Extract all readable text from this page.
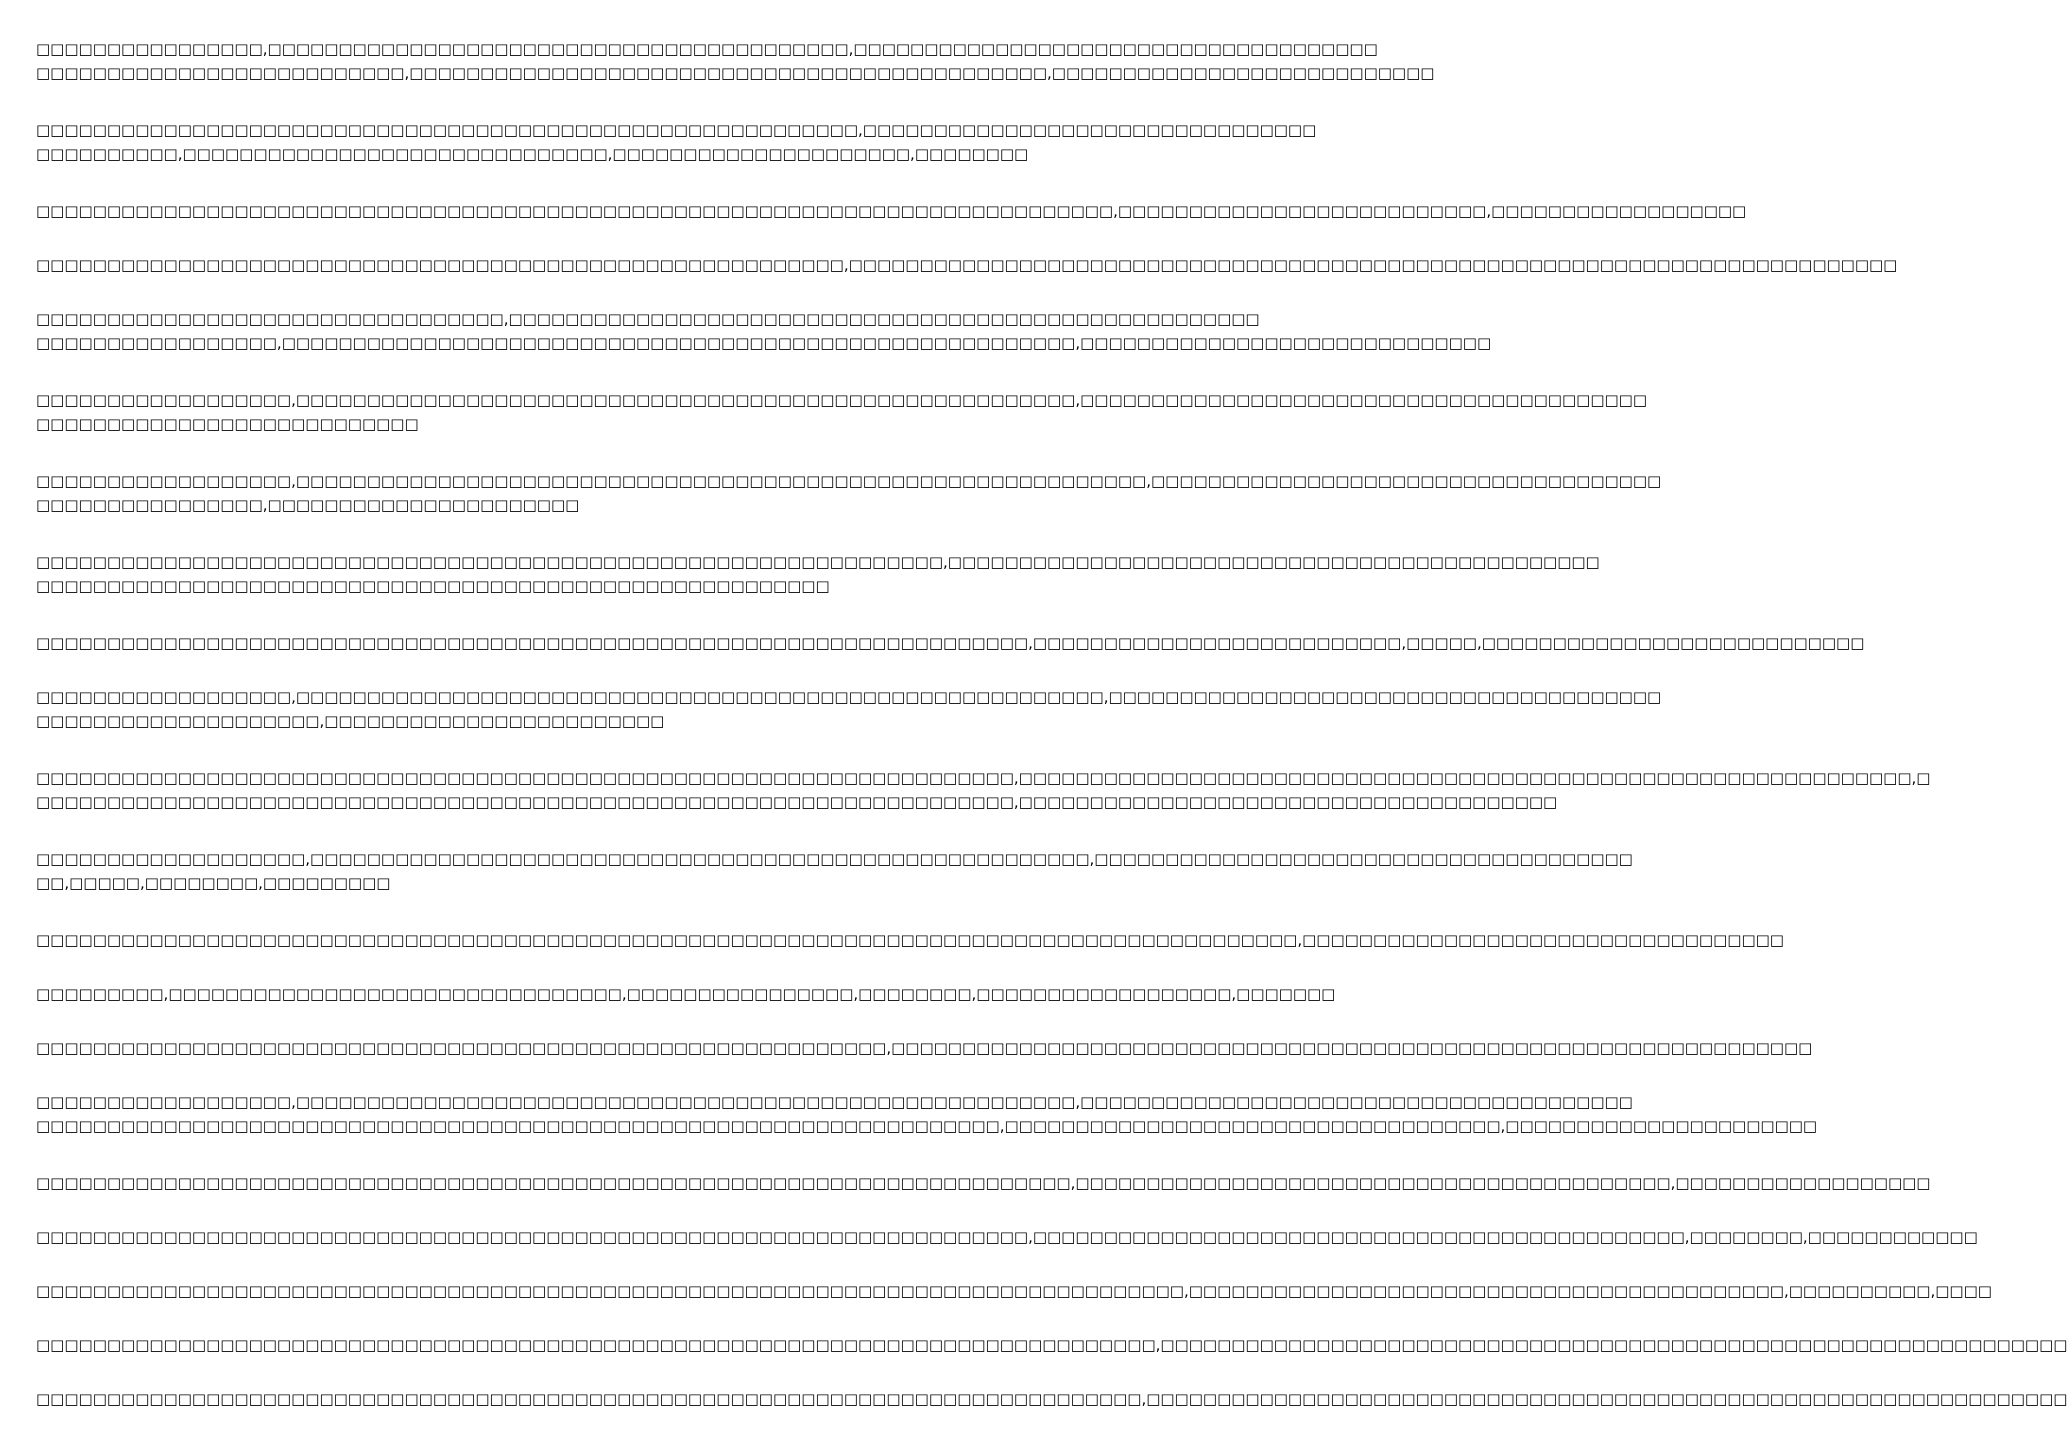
□□□□□□□□□□□□□□□□,□□□□□□□□□□□□□□□□□□□□□□□□□□□□□□□□□□□□□□□□□,□□□□□□□□□□□□□□□□□□□□□□□□□□□□□□□□□□□□□
□□□□□□□□□□□□□□□□□□□□□□□□□□,□□□□□□□□□□□□□□□□□□□□□□□□□□□□□□□□□□□□□□□□□□□□□,□□□□□□□□□□□□□□□□□□□□□□□□□□□
□□□□□□□□□□□□□□□□□□□□□□□□□□□□□□□□□□□□□□□□□□□□□□□□□□□□□□□□□□,□□□□□□□□□□□□□□□□□□□□□□□□□□□□□□□□
□□□□□□□□□□,□□□□□□□□□□□□□□□□□□□□□□□□□□□□□□,□□□□□□□□□□□□□□□□□□□□□,□□□□□□□□
□□□□□□□□□□□□□□□□□□□□□□□□□□□□□□□□□□□□□□□□□□□□□□□□□□□□□□□□□□□□□□□□□□□□□□□□□□□□,□□□□□□□□□□□□□□□□□□□□□□□□□□,□□□□□□□□□□□□□□□□□□
□□□□□□□□□□□□□□□□□□□□□□□□□□□□□□□□□□□□□□□□□□□□□□□□□□□□□□□□□,□□□□□□□□□□□□□□□□□□□□□□□□□□□□□□□□□□□□□□□□□□□□□□□□□□□□□□□□□□□□□□□□□□□□□□□□□□
□□□□□□□□□□□□□□□□□□□□□□□□□□□□□□□□□,□□□□□□□□□□□□□□□□□□□□□□□□□□□□□□□□□□□□□□□□□□□□□□□□□□□□□
□□□□□□□□□□□□□□□□□,□□□□□□□□□□□□□□□□□□□□□□□□□□□□□□□□□□□□□□□□□□□□□□□□□□□□□□□□,□□□□□□□□□□□□□□□□□□□□□□□□□□□□□
□□□□□□□□□□□□□□□□□□,□□□□□□□□□□□□□□□□□□□□□□□□□□□□□□□□□□□□□□□□□□□□□□□□□□□□□□□,□□□□□□□□□□□□□□□□□□□□□□□□□□□□□□□□□□□□□□□□
□□□□□□□□□□□□□□□□□□□□□□□□□□□
□□□□□□□□□□□□□□□□□□,□□□□□□□□□□□□□□□□□□□□□□□□□□□□□□□□□□□□□□□□□□□□□□□□□□□□□□□□□□□□,□□□□□□□□□□□□□□□□□□□□□□□□□□□□□□□□□□□□
□□□□□□□□□□□□□□□□,□□□□□□□□□□□□□□□□□□□□□□
□□□□□□□□□□□□□□□□□□□□□□□□□□□□□□□□□□□□□□□□□□□□□□□□□□□□□□□□□□□□□□□□,□□□□□□□□□□□□□□□□□□□□□□□□□□□□□□□□□□□□□□□□□□□□□□
□□□□□□□□□□□□□□□□□□□□□□□□□□□□□□□□□□□□□□□□□□□□□□□□□□□□□□□□
□□□□□□□□□□□□□□□□□□□□□□□□□□□□□□□□□□□□□□□□□□□□□□□□□□□□□□□□□□□□□□□□□□□□□□,□□□□□□□□□□□□□□□□□□□□□□□□□□,□□□□□,□□□□□□□□□□□□□□□□□□□□□□□□□□□
□□□□□□□□□□□□□□□□□□,□□□□□□□□□□□□□□□□□□□□□□□□□□□□□□□□□□□□□□□□□□□□□□□□□□□□□□□□□,□□□□□□□□□□□□□□□□□□□□□□□□□□□□□□□□□□□□□□□
□□□□□□□□□□□□□□□□□□□□,□□□□□□□□□□□□□□□□□□□□□□□□
□□□□□□□□□□□□□□□□□□□□□□□□□□□□□□□□□□□□□□□□□□□□□□□□□□□□□□□□□□□□□□□□□□□□□,□□□□□□□□□□□□□□□□□□□□□□□□□□□□□□□□□□□□□□□□□□□□□□□□□□□□□□□□□□□□□□□,□
□□□□□□□□□□□□□□□□□□□□□□□□□□□□□□□□□□□□□□□□□□□□□□□□□□□□□□□□□□□□□□□□□□□□□,□□□□□□□□□□□□□□□□□□□□□□□□□□□□□□□□□□□□□□
□□□□□□□□□□□□□□□□□□□,□□□□□□□□□□□□□□□□□□□□□□□□□□□□□□□□□□□□□□□□□□□□□□□□□□□□□□□,□□□□□□□□□□□□□□□□□□□□□□□□□□□□□□□□□□□□□□
□□,□□□□□,□□□□□□□□,□□□□□□□□□
□□□□□□□□□□□□□□□□□□□□□□□□□□□□□□□□□□□□□□□□□□□□□□□□□□□□□□□□□□□□□□□□□□□□□□□□□□□□□□□□□□□□□□□□□,□□□□□□□□□□□□□□□□□□□□□□□□□□□□□□□□□□
□□□□□□□□□,□□□□□□□□□□□□□□□□□□□□□□□□□□□□□□□□,□□□□□□□□□□□□□□□□,□□□□□□□□,□□□□□□□□□□□□□□□□□□,□□□□□□□
□□□□□□□□□□□□□□□□□□□□□□□□□□□□□□□□□□□□□□□□□□□□□□□□□□□□□□□□□□□□,□□□□□□□□□□□□□□□□□□□□□□□□□□□□□□□□□□□□□□□□□□□□□□□□□□□□□□□□□□□□□□□□□
□□□□□□□□□□□□□□□□□□,□□□□□□□□□□□□□□□□□□□□□□□□□□□□□□□□□□□□□□□□□□□□□□□□□□□□□□□,□□□□□□□□□□□□□□□□□□□□□□□□□□□□□□□□□□□□□□□
□□□□□□□□□□□□□□□□□□□□□□□□□□□□□□□□□□□□□□□□□□□□□□□□□□□□□□□□□□□□□□□□□□□□,□□□□□□□□□□□□□□□□□□□□□□□□□□□□□□□□□□□,□□□□□□□□□□□□□□□□□□□□□□
□□□□□□□□□□□□□□□□□□□□□□□□□□□□□□□□□□□□□□□□□□□□□□□□□□□□□□□□□□□□□□□□□□□□□□□□□,□□□□□□□□□□□□□□□□□□□□□□□□□□□□□□□□□□□□□□□□□□,□□□□□□□□□□□□□□□□□□
□□□□□□□□□□□□□□□□□□□□□□□□□□□□□□□□□□□□□□□□□□□□□□□□□□□□□□□□□□□□□□□□□□□□□□,□□□□□□□□□□□□□□□□□□□□□□□□□□□□□□□□□□□□□□□□□□□□□□,□□□□□□□□,□□□□□□□□□□□□
□□□□□□□□□□□□□□□□□□□□□□□□□□□□□□□□□□□□□□□□□□□□□□□□□□□□□□□□□□□□□□□□□□□□□□□□□□□□□□□□□,□□□□□□□□□□□□□□□□□□□□□□□□□□□□□□□□□□□□□□□□□□,□□□□□□□□□□,□□□□
□□□□□□□□□□□□□□□□□□□□□□□□□□□□□□□□□□□□□□□□□□□□□□□□□□□□□□□□□□□□□□□□□□□□□□□□□□□□□□□,□□□□□□□□□□□□□□□□□□□□□□□□□□□□□□□□□□□□□□□□□□□□□□□□□□□□□□□□□□□□□□□□
□□□□□□□□□□□□□□□□□□□□□□□□□□□□□□□□□□□□□□□□□□□□□□□□□□□□□□□□□□□□□□□□□□□□□□□□□□□□□□,□□□□□□□□□□□□□□□□□□□□□□□□□□□□□□□□□□□□□□□□□□□□□□□□□□□□□□□□□□□□□□□□□
